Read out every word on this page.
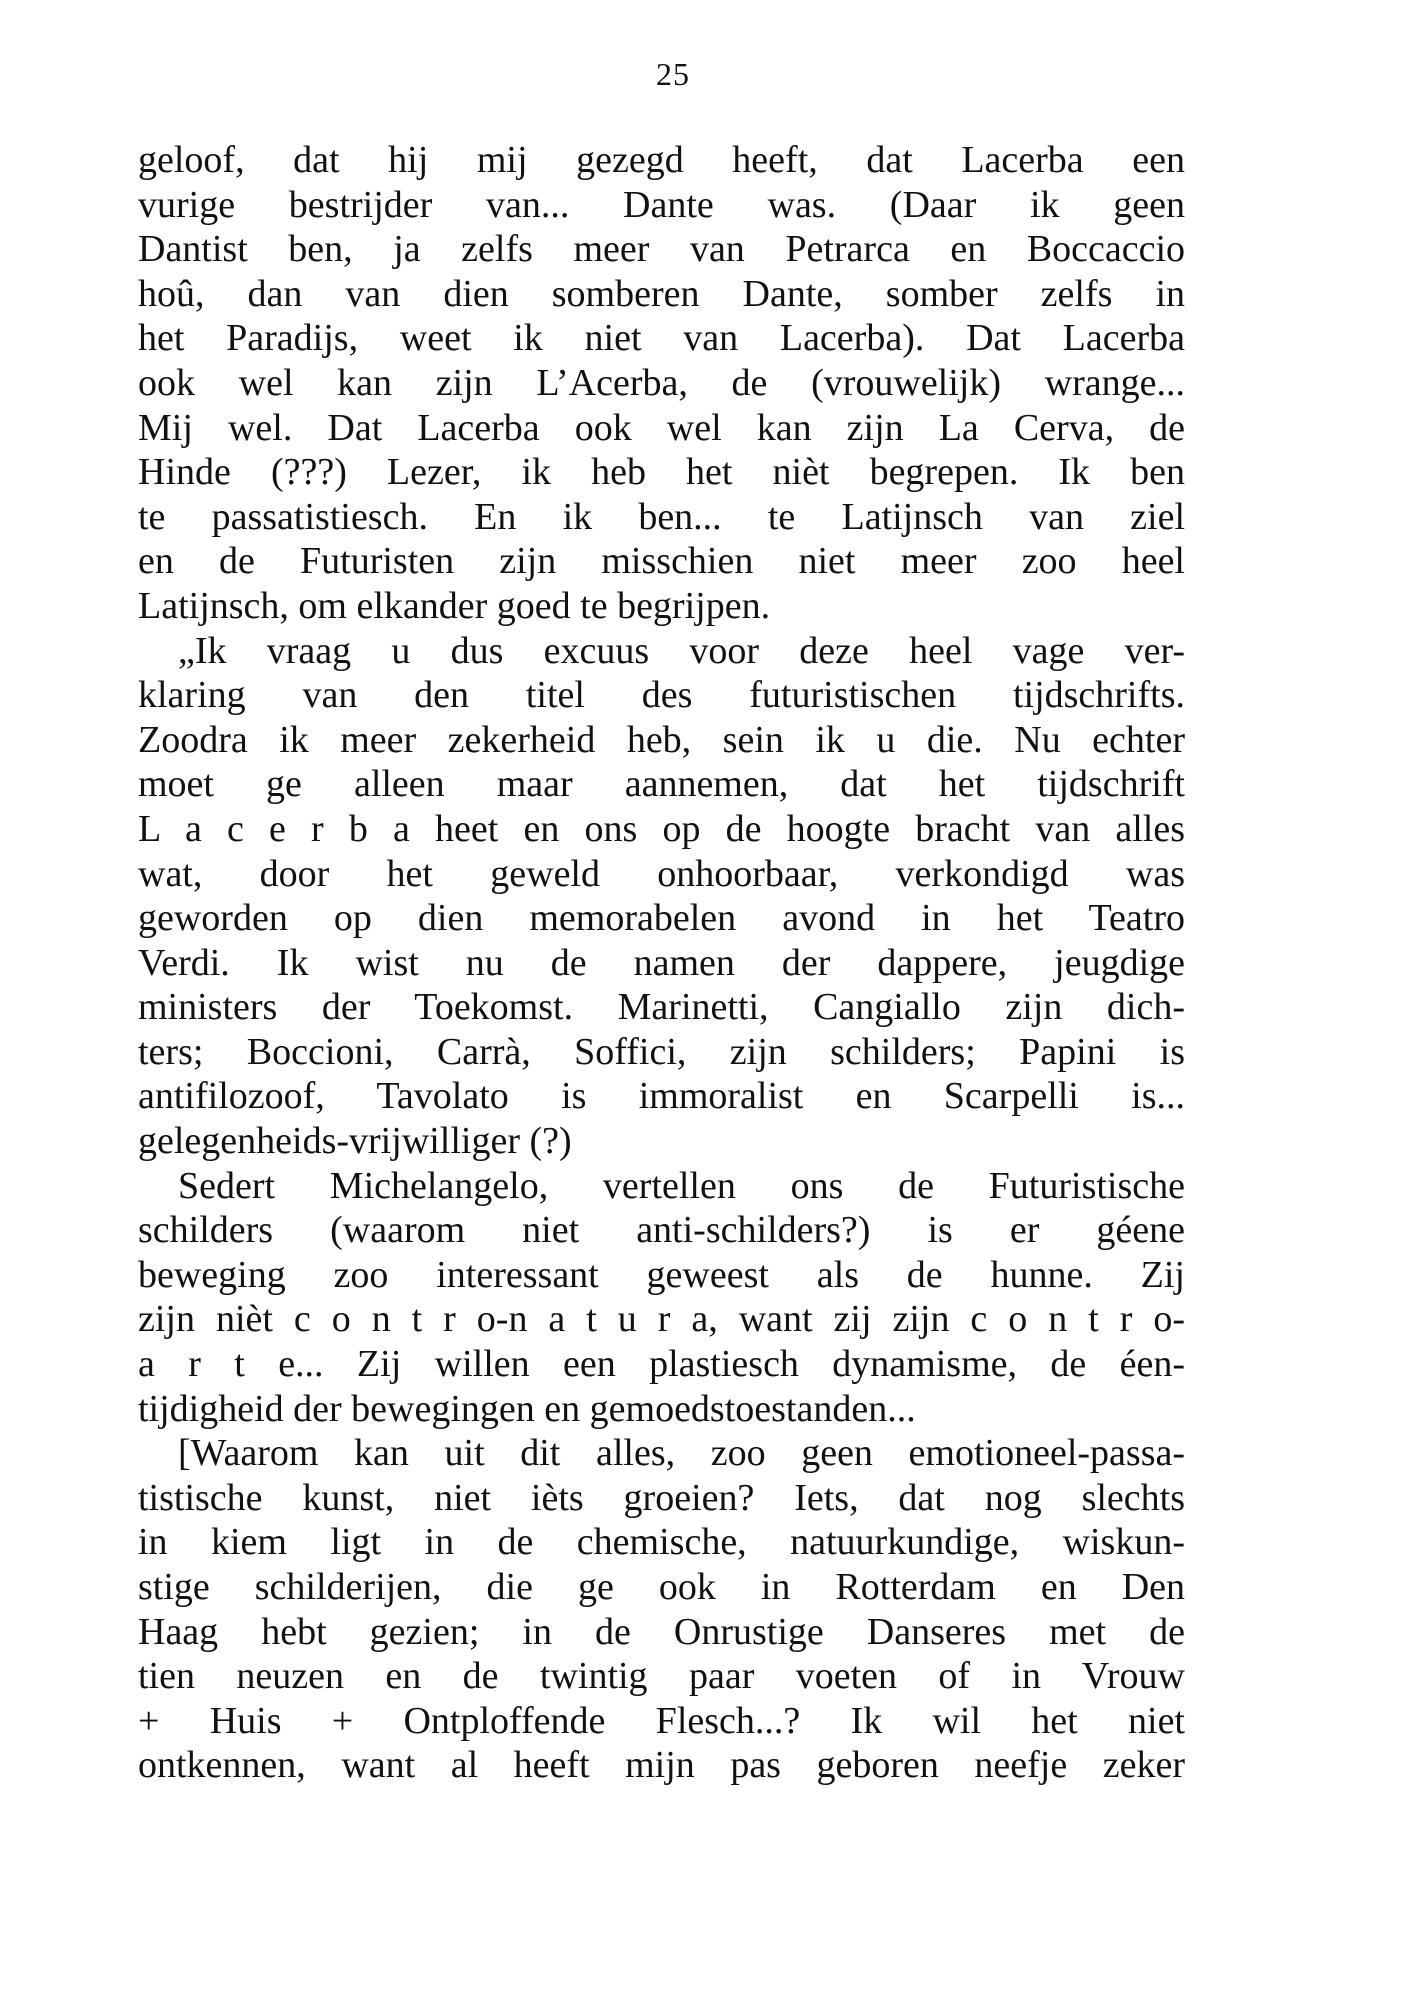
25
geloof, dat hij mij gezegd heeft, dat Lacerba een
vurige bestrijder van... Dante was. (Daar ik geen
Dantist ben, ja zelfs meer van Petrarca en Boccaccio
hoû, dan van dien somberen Dante, somber zelfs in
het Paradijs, weet ik niet van Lacerba). Dat Lacerba
ook wel kan zijn L’Acerba, de (vrouwelijk) wrange...
Mij wel. Dat Lacerba ook wel kan zijn La Cerva, de
Hinde (???) Lezer, ik heb het nièt begrepen. Ik ben
te passatistiesch. En ik ben... te Latijnsch van ziel
en de Futuristen zijn misschien niet meer zoo heel
Latijnsch, om elkander goed te begrijpen.
„Ik vraag u dus excuus voor deze heel vage ver-
klaring van den titel des futuristischen tijdschrifts.
Zoodra ik meer zekerheid heb, sein ik u die. Nu echter
moet ge alleen maar aannemen, dat het tijdschrift
L a c e r b a heet en ons op de hoogte bracht van alles
wat, door het geweld onhoorbaar, verkondigd was
geworden op dien memorabelen avond in het Teatro
Verdi. Ik wist nu de namen der dappere, jeugdige
ministers der Toekomst. Marinetti, Cangiallo zijn dich-
ters; Boccioni, Carrà, Soffici, zijn schilders; Papini is
antifilozoof, Tavolato is immoralist en Scarpelli is...
gelegenheids-vrijwilliger (?)
Sedert Michelangelo, vertellen ons de Futuristische
schilders (waarom niet anti-schilders?) is er géene
beweging zoo interessant geweest als de hunne. Zij
zijn nièt c o n t r o-n a t u r a, want zij zijn c o n t r o-
a r t e... Zij willen een plastiesch dynamisme, de éen-
tijdigheid der bewegingen en gemoedstoestanden...
[Waarom kan uit dit alles, zoo geen emotioneel-passa-
tistische kunst, niet ièts groeien? Iets, dat nog slechts
in kiem ligt in de chemische, natuurkundige, wiskun-
stige schilderijen, die ge ook in Rotterdam en Den
Haag hebt gezien; in de Onrustige Danseres met de
tien neuzen en de twintig paar voeten of in Vrouw
+ Huis + Ontploffende Flesch...? Ik wil het niet
ontkennen, want al heeft mijn pas geboren neefje zeker
